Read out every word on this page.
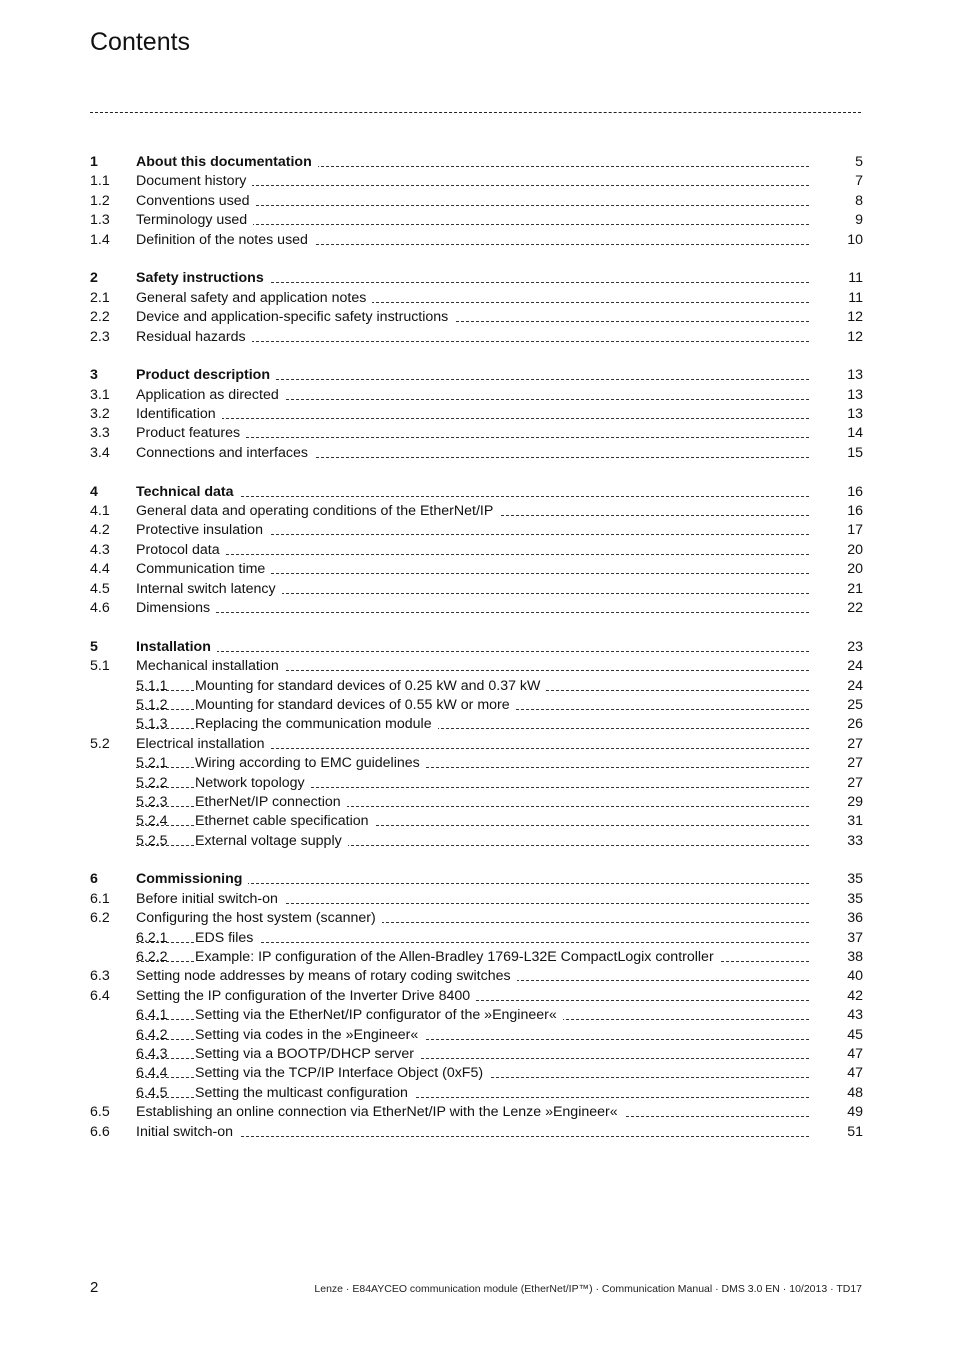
Contents
1	About this documentation	5
1.1 Document history	7
1.2 Conventions used	8
1.3 Terminology used	9
1.4 Definition of the notes used	10
2	Safety instructions	11
2.1 General safety and application notes	11
2.2 Device and application-specific safety instructions	12
2.3 Residual hazards	12
3	Product description	13
3.1 Application as directed	13
3.2 Identification	13
3.3 Product features	14
3.4 Connections and interfaces	15
4	Technical data	16
4.1 General data and operating conditions of the EtherNet/IP	16
4.2 Protective insulation	17
4.3 Protocol data	20
4.4 Communication time	20
4.5 Internal switch latency	21
4.6 Dimensions	22
5	Installation	23
5.1 Mechanical installation	24
5.1.1 Mounting for standard devices of 0.25 kW and 0.37 kW	24
5.1.2 Mounting for standard devices of 0.55 kW or more	25
5.1.3 Replacing the communication module	26
5.2 Electrical installation	27
5.2.1 Wiring according to EMC guidelines	27
5.2.2 Network topology	27
5.2.3 EtherNet/IP connection	29
5.2.4 Ethernet cable specification	31
5.2.5 External voltage supply	33
6	Commissioning	35
6.1 Before initial switch-on	35
6.2 Configuring the host system (scanner)	36
6.2.1 EDS files	37
6.2.2 Example: IP configuration of the Allen-Bradley 1769-L32E CompactLogix controller	38
6.3 Setting node addresses by means of rotary coding switches	40
6.4 Setting the IP configuration of the Inverter Drive 8400	42
6.4.1 Setting via the EtherNet/IP configurator of the »Engineer«	43
6.4.2 Setting via codes in the »Engineer«	45
6.4.3 Setting via a BOOTP/DHCP server	47
6.4.4 Setting via the TCP/IP Interface Object (0xF5)	47
6.4.5 Setting the multicast configuration	48
6.5 Establishing an online connection via EtherNet/IP with the Lenze »Engineer«	49
6.6 Initial switch-on	51
2	Lenze · E84AYCEO communication module (EtherNet/IP™) · Communication Manual · DMS 3.0 EN · 10/2013 · TD17
